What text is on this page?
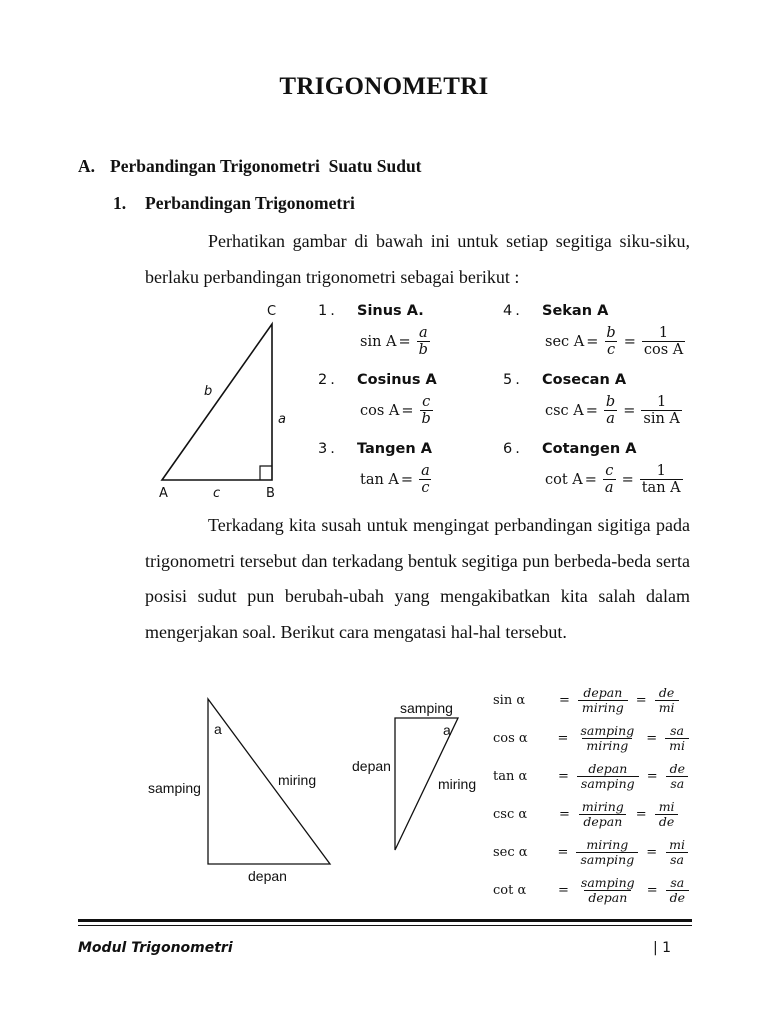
TRIGONOMETRI
A. Perbandingan Trigonometri  Suatu Sudut
1. Perbandingan Trigonometri
Perhatikan gambar di bawah ini untuk setiap segitiga siku-siku, berlaku perbandingan trigonometri sebagai berikut :
C
A	B
b
a
c
1. Sinus A.
$\sin A = \frac{a}{b}$
2. Cosinus A
$\cos A = \frac{c}{b}$
3. Tangen A
$\tan A = \frac{a}{c}$
4. Sekan A
$\sec A = \frac{b}{c} = \frac{1}{\text{cos A}}$
5. Cosecan A
$\csc A = \frac{b}{a} = \frac{1}{\text{sin A}}$
6. Cotangen A
$\cot A = \frac{c}{a} = \frac{1}{\text{tan A}}$
Terkadang kita susah untuk mengingat perbandingan sigitiga pada trigonometri tersebut dan terkadang bentuk segitiga pun berbeda-beda serta posisi sudut pun berubah-ubah yang mengakibatkan kita salah dalam mengerjakan soal. Berikut cara mengatasi hal-hal tersebut.
a
samping	miring
depan
samping
a
depan
miring
sin α	= $\frac{\text{depan}}{\text{miring}} = \frac{de}{mi}$
cos α	= $\frac{\text{samping}}{\text{miring}} = \frac{sa}{mi}$
tan α	= $\frac{\text{depan}}{\text{samping}} = \frac{de}{sa}$
csc α	= $\frac{\text{miring}}{\text{depan}} = \frac{mi}{de}$
sec α	= $\frac{\text{miring}}{\text{samping}} = \frac{mi}{sa}$
cot α	= $\frac{\text{samping}}{\text{depan}} = \frac{sa}{de}$
Modul Trigonometri	| 1
